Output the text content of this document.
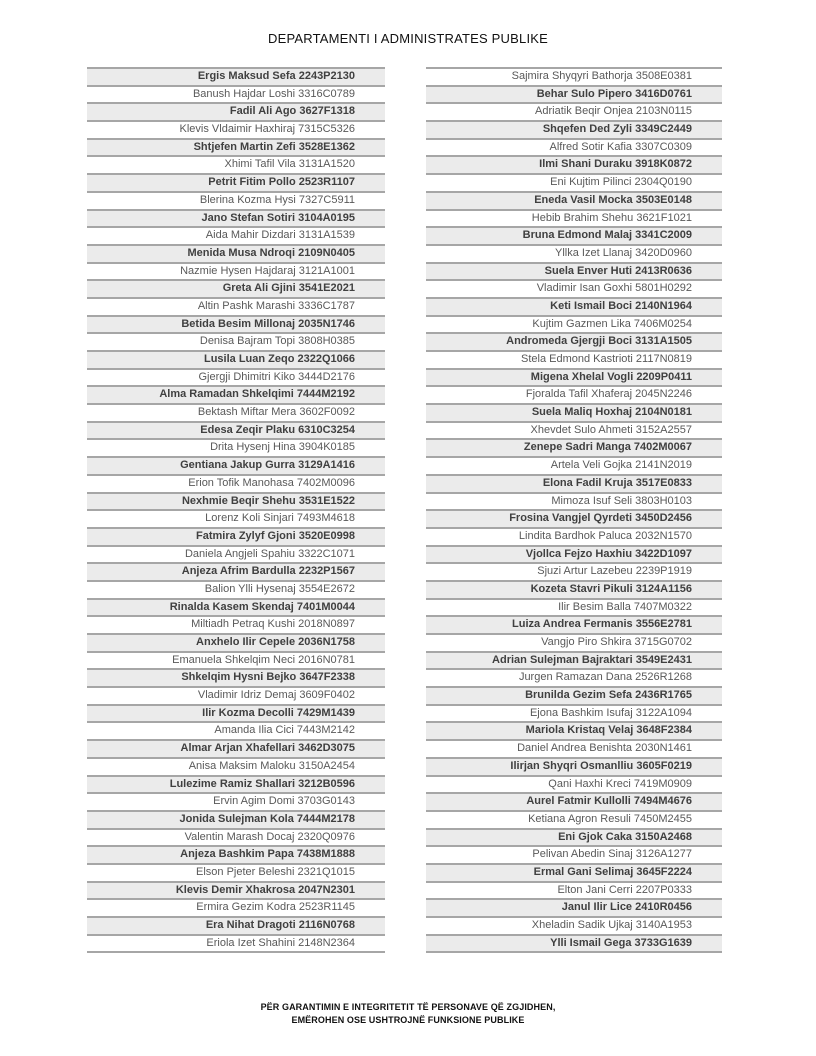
DEPARTAMENTI I ADMINISTRATES PUBLIKE
Ergis Maksud Sefa 2243P2130
Banush Hajdar Loshi 3316C0789
Fadil Ali Ago 3627F1318
Klevis Vldaimir Haxhiraj 7315C5326
Shtjefen Martin Zefi 3528E1362
Xhimi Tafil Vila 3131A1520
Petrit Fitim Pollo 2523R1107
Blerina Kozma Hysi 7327C5911
Jano Stefan Sotiri 3104A0195
Aida Mahir Dizdari 3131A1539
Menida Musa Ndroqi 2109N0405
Nazmie Hysen Hajdaraj 3121A1001
Greta Ali Gjini 3541E2021
Altin Pashk Marashi 3336C1787
Betida Besim Millonaj 2035N1746
Denisa Bajram Topi 3808H0385
Lusila Luan Zeqo 2322Q1066
Gjergji Dhimitri Kiko 3444D2176
Alma Ramadan Shkelqimi 7444M2192
Bektash Miftar Mera 3602F0092
Edesa Zeqir Plaku 6310C3254
Drita Hysenj Hina 3904K0185
Gentiana Jakup Gurra 3129A1416
Erion Tofik Manohasa 7402M0096
Nexhmie Beqir Shehu 3531E1522
Lorenz Koli Sinjari 7493M4618
Fatmira Zylyf Gjoni 3520E0998
Daniela Angjeli Spahiu 3322C1071
Anjeza Afrim Bardulla 2232P1567
Balion Ylli Hysenaj 3554E2672
Rinalda Kasem Skendaj 7401M0044
Miltiadh Petraq Kushi 2018N0897
Anxhelo Ilir Cepele 2036N1758
Emanuela Shkelqim Neci 2016N0781
Shkelqim Hysni Bejko 3647F2338
Vladimir Idriz Demaj 3609F0402
Ilir Kozma Decolli 7429M1439
Amanda Ilia Cici 7443M2142
Almar Arjan Xhafellari 3462D3075
Anisa Maksim Maloku 3150A2454
Lulezime Ramiz Shallari 3212B0596
Ervin Agim Domi 3703G0143
Jonida Sulejman Kola 7444M2178
Valentin Marash Docaj 2320Q0976
Anjeza Bashkim Papa 7438M1888
Elson Pjeter Beleshi 2321Q1015
Klevis Demir Xhakrosa 2047N2301
Ermira Gezim Kodra 2523R1145
Era Nihat Dragoti 2116N0768
Eriola Izet Shahini 2148N2364
Sajmira Shyqyri Bathorja 3508E0381
Behar Sulo Pipero 3416D0761
Adriatik Beqir Onjea 2103N0115
Shqefen Ded Zyli 3349C2449
Alfred Sotir Kafia 3307C0309
Ilmi Shani Duraku 3918K0872
Eni Kujtim Pilinci 2304Q0190
Eneda Vasil Mocka 3503E0148
Hebib Brahim Shehu 3621F1021
Bruna Edmond Malaj 3341C2009
Yllka Izet Llanaj 3420D0960
Suela Enver Huti 2413R0636
Vladimir Isan Goxhi 5801H0292
Keti Ismail Boci 2140N1964
Kujtim Gazmen Lika 7406M0254
Andromeda Gjergji Boci 3131A1505
Stela Edmond Kastrioti 2117N0819
Migena Xhelal Vogli 2209P0411
Fjoralda Tafil Xhaferaj 2045N2246
Suela Maliq Hoxhaj 2104N0181
Xhevdet Sulo Ahmeti 3152A2557
Zenepe Sadri Manga 7402M0067
Artela Veli Gojka 2141N2019
Elona Fadil Kruja 3517E0833
Mimoza Isuf Seli 3803H0103
Frosina Vangjel Qyrdeti 3450D2456
Lindita Bardhok Paluca 2032N1570
Vjollca Fejzo Haxhiu 3422D1097
Sjuzi Artur Lazebeu 2239P1919
Kozeta Stavri Pikuli 3124A1156
Ilir Besim Balla 7407M0322
Luiza Andrea Fermanis 3556E2781
Vangjo Piro Shkira 3715G0702
Adrian Sulejman Bajraktari 3549E2431
Jurgen Ramazan Dana 2526R1268
Brunilda Gezim Sefa 2436R1765
Ejona Bashkim Isufaj 3122A1094
Mariola Kristaq Velaj 3648F2384
Daniel Andrea Benishta 2030N1461
Ilirjan Shyqri Osmanlliu 3605F0219
Qani Haxhi Kreci 7419M0909
Aurel Fatmir Kullolli 7494M4676
Ketiana Agron Resuli 7450M2455
Eni Gjok Caka 3150A2468
Pelivan Abedin Sinaj 3126A1277
Ermal Gani Selimaj 3645F2224
Elton Jani Cerri 2207P0333
Janul Ilir Lice 2410R0456
Xheladin Sadik Ujkaj 3140A1953
Ylli Ismail Gega 3733G1639
PËR GARANTIMIN E INTEGRITETIT TË PERSONAVE QË ZGJIDHEN,
EMËROHEN OSE USHTROJNË FUNKSIONE PUBLIKE
